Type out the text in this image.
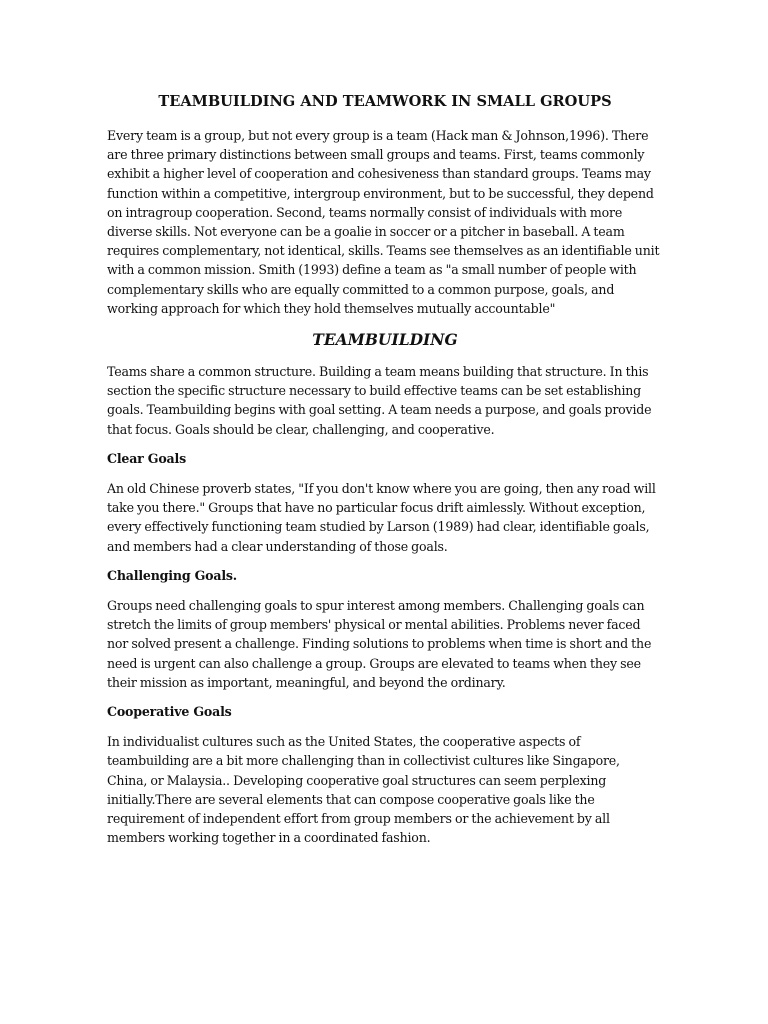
TEAMBUILDING AND TEAMWORK IN SMALL GROUPS

Every team is a group, but not every group is a team (Hack man & Johnson,1996). There are three primary distinctions between small groups and teams. First, teams commonly exhibit a higher level of cooperation and cohesiveness than standard groups. Teams may function within a competitive, intergroup environment, but to be successful, they depend on intragroup cooperation. Second, teams normally consist of individuals with more diverse skills. Not everyone can be a goalie in soccer or a pitcher in baseball. A team requires complementary, not identical, skills. Teams see themselves as an identifiable unit with a common mission. Smith (1993) define a team as "a small number of people with complementary skills who are equally committed to a common purpose, goals, and working approach for which they hold themselves mutually accountable"

TEAMBUILDING

Teams share a common structure. Building a team means building that structure. In this section the specific structure necessary to build effective teams can be set establishing goals. Teambuilding begins with goal setting. A team needs a purpose, and goals provide that focus. Goals should be clear, challenging, and cooperative.

Clear Goals

An old Chinese proverb states, "If you don't know where you are going, then any road will take you there." Groups that have no particular focus drift aimlessly. Without exception, every effectively functioning team studied by Larson (1989) had clear, identifiable goals, and members had a clear understanding of those goals.

Challenging Goals.

Groups need challenging goals to spur interest among members. Challenging goals can stretch the limits of group members' physical or mental abilities. Problems never faced nor solved present a challenge. Finding solutions to problems when time is short and the need is urgent can also challenge a group. Groups are elevated to teams when they see their mission as important, meaningful, and beyond the ordinary.

Cooperative Goals

In individualist cultures such as the United States, the cooperative aspects of teambuilding are a bit more challenging than in collectivist cultures like Singapore, China, or Malaysia.. Developing cooperative goal structures can seem perplexing initially.There are several elements that can compose cooperative goals like the requirement of independent effort from group members or the achievement by all members working together in a coordinated fashion.
